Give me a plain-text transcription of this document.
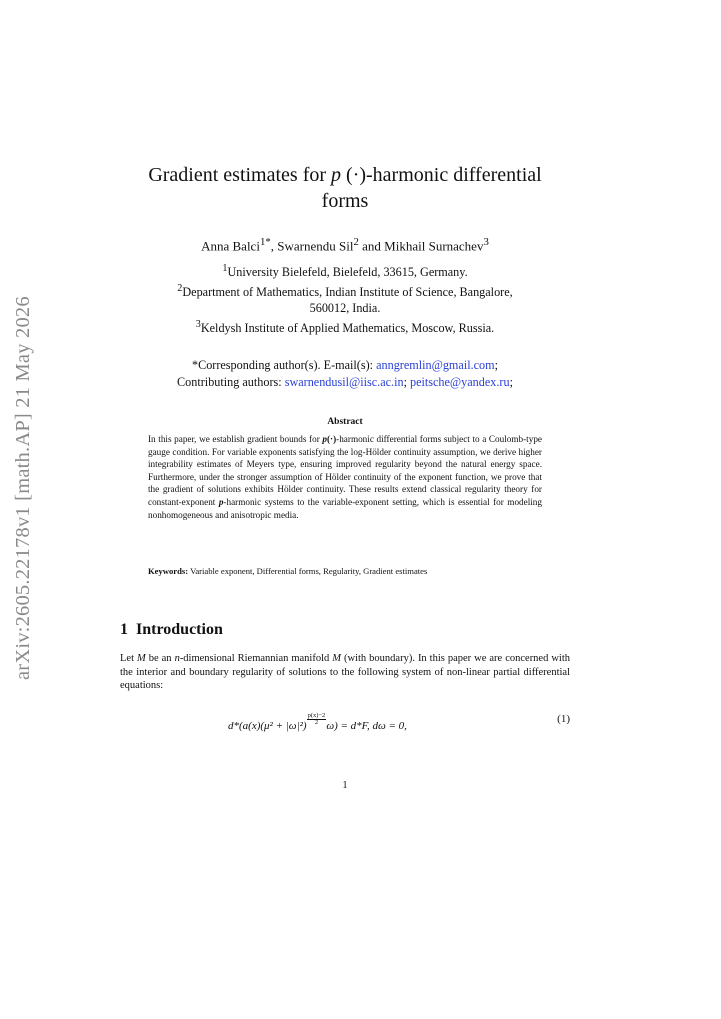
arXiv:2605.22178v1 [math.AP] 21 May 2026
Gradient estimates for p (·)-harmonic differential
forms
Anna Balci$^{1*}$, Swarnendu Sil$^2$ and Mikhail Surnachev$^3$
$^1$University Bielefeld, Bielefeld, 33615, Germany.
$^2$Department of Mathematics, Indian Institute of Science, Bangalore,
560012, India.
$^3$Keldysh Institute of Applied Mathematics, Moscow, Russia.
*Corresponding author(s). E-mail(s): anngremlin@gmail.com;
Contributing authors: swarnendusil@iisc.ac.in; peitsche@yandex.ru;
Abstract
In this paper, we establish gradient bounds for p(·)-harmonic differential forms subject to a Coulomb-type gauge condition. For variable exponents satisfying the log-Hölder continuity assumption, we derive higher integrability estimates of Meyers type, ensuring improved regularity beyond the natural energy space. Furthermore, under the stronger assumption of Hölder continuity of the exponent function, we prove that the gradient of solutions exhibits Hölder continuity. These results extend classical regularity theory for constant-exponent p-harmonic systems to the variable-exponent setting, which is essential for modeling nonhomogeneous and anisotropic media.
Keywords: Variable exponent, Differential forms, Regularity, Gradient estimates
1 Introduction
Let M be an n-dimensional Riemannian manifold M (with boundary). In this paper we are concerned with the interior and boundary regularity of solutions to the following system of non-linear partial differential equations:
$d*(a(x)(\mu^2 + |\omega|^2) \frac{p(x)-2}{2} \omega) = d*F$, dω = 0,
(1)
1
